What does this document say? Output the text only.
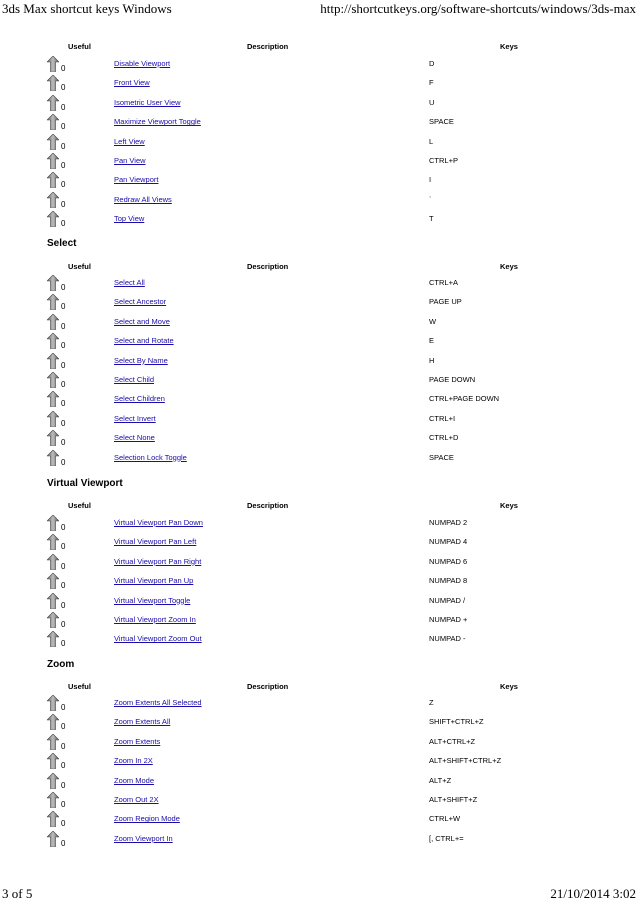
3ds Max shortcut keys Windows	http://shortcutkeys.org/software-shortcuts/windows/3ds-max
Useful	Description	Keys
0
Disable Viewport	D
0
Front View	F
0
Isometric User View	U
0
Maximize Viewport Toggle	SPACE
0
Left View	L
0
Pan View	CTRL+P
0
Pan Viewport	I
0
Redraw All Views	`
0
Top View	T
Select
Useful	Description	Keys
0
Select All	CTRL+A
0
Select Ancestor	PAGE UP
0
Select and Move	W
0
Select and Rotate	E
0
Select By Name	H
0
Select Child	PAGE DOWN
0
Select Children	CTRL+PAGE DOWN
0
Select Invert	CTRL+I
0
Select None	CTRL+D
0
Selection Lock Toggle	SPACE
Virtual Viewport
Useful	Description	Keys
0
Virtual Viewport Pan Down	NUMPAD 2
0
Virtual Viewport Pan Left	NUMPAD 4
0
Virtual Viewport Pan Right	NUMPAD 6
0
Virtual Viewport Pan Up	NUMPAD 8
0
Virtual Viewport Toggle	NUMPAD /
0
Virtual Viewport Zoom In	NUMPAD +
0
Virtual Viewport Zoom Out	NUMPAD -
Zoom
Useful	Description	Keys
0
Zoom Extents All Selected	Z
0
Zoom Extents All	SHIFT+CTRL+Z
0
Zoom Extents	ALT+CTRL+Z
0
Zoom In 2X	ALT+SHIFT+CTRL+Z
0
Zoom Mode	ALT+Z
0
Zoom Out 2X	ALT+SHIFT+Z
0
Zoom Region Mode	CTRL+W
0
Zoom Viewport In	[, CTRL+=
3 of 5	21/10/2014 3:02
